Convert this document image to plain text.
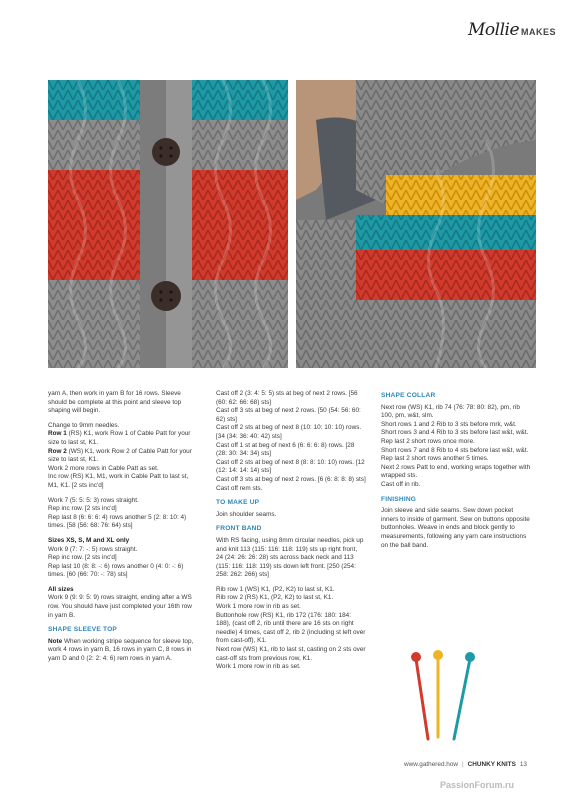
Mollie MAKES

yarn A, then work in yarn B for 16 rows. Sleeve should be complete at this point and sleeve top shaping will begin.

Change to 9mm needles.

Row 1 (RS) K1, work Row 1 of Cable Patt for your size to last st, K1.

Row 2 (WS) K1, work Row 2 of Cable Patt for your size to last st, K1.

Work 2 more rows in Cable Patt as set.

Inc row (RS) K1, M1, work in Cable Patt to last st, M1, K1. [2 sts inc'd]

Work 7 (5: 5: 5: 3) rows straight.

Rep inc row. [2 sts inc'd]

Rep last 8 (6: 6: 6: 4) rows another 5 (2: 8: 10: 4) times. [58 (56: 68: 76: 64) sts]

Sizes XS, S, M and XL only

Work 9 (7: 7: -: 5) rows straight.

Rep inc row. [2 sts inc'd]

Rep last 10 (8: 8: -: 6) rows another 0 (4: 0: -: 6) times. [60 (66: 70: -: 78) sts]

All sizes

Work 9 (9: 9: 5: 9) rows straight, ending after a WS row. You should have just completed your 16th row in yarn B.

SHAPE SLEEVE TOP

Note When working stripe sequence for sleeve top, work 4 rows in yarn B, 16 rows in yarn C, 8 rows in yarn D and 0 (2: 2: 4: 6) rem rows in yarn A.

Cast off 2 (3: 4: 5: 5) sts at beg of next 2 rows. [56 (60: 62: 66: 68) sts]

Cast off 3 sts at beg of next 2 rows. [50 (54: 56: 60: 62) sts]

Cast off 2 sts at beg of next 8 (10: 10: 10: 10) rows. [34 (34: 36: 40: 42) sts]

Cast off 1 st at beg of next 6 (6: 6: 6: 8) rows. [28 (28: 30: 34: 34) sts]

Cast off 2 sts at beg of next 8 (8: 8: 10: 10) rows. [12 (12: 14: 14: 14) sts]

Cast off 3 sts at beg of next 2 rows. [6 (6: 8: 8: 8) sts]

Cast off rem sts.

TO MAKE UP

Join shoulder seams.

FRONT BAND

With RS facing, using 8mm circular needles, pick up and knit 113 (115: 116: 118: 119) sts up right front, 24 (24: 26: 26: 28) sts across back neck and 113 (115: 116: 118: 119) sts down left front. [250 (254: 258: 262: 266) sts]

Rib row 1 (WS) K1, (P2, K2) to last st, K1.

Rib row 2 (RS) K1, (P2, K2) to last st, K1.

Work 1 more row in rib as set.

Buttonhole row (RS) K1, rib 172 (176: 180: 184: 188), (cast off 2, rib until there are 16 sts on right needle) 4 times, cast off 2, rib 2 (including st left over from cast-off), K1.

Next row (WS) K1, rib to last st, casting on 2 sts over cast-off sts from previous row, K1.

Work 1 more row in rib as set.

SHAPE COLLAR

Next row (WS) K1, rib 74 (76: 78: 80: 82), pm, rib 100, pm, w&t, slm.

Short rows 1 and 2 Rib to 3 sts before mrk, w&t.

Short rows 3 and 4 Rib to 3 sts before last w&t, w&t.

Rep last 2 short rows once more.

Short rows 7 and 8 Rib to 4 sts before last w&t, w&t.

Rep last 2 short rows another 5 times.

Next 2 rows Patt to end, working wraps together with wrapped sts.

Cast off in rib.

FINISHING

Join sleeve and side seams. Sew down pocket inners to inside of garment. Sew on buttons opposite buttonholes. Weave in ends and block gently to measurements, following any yarn care instructions on the ball band.

www.gathered.how | CHUNKY KNITS 13
PassionForum.ru
